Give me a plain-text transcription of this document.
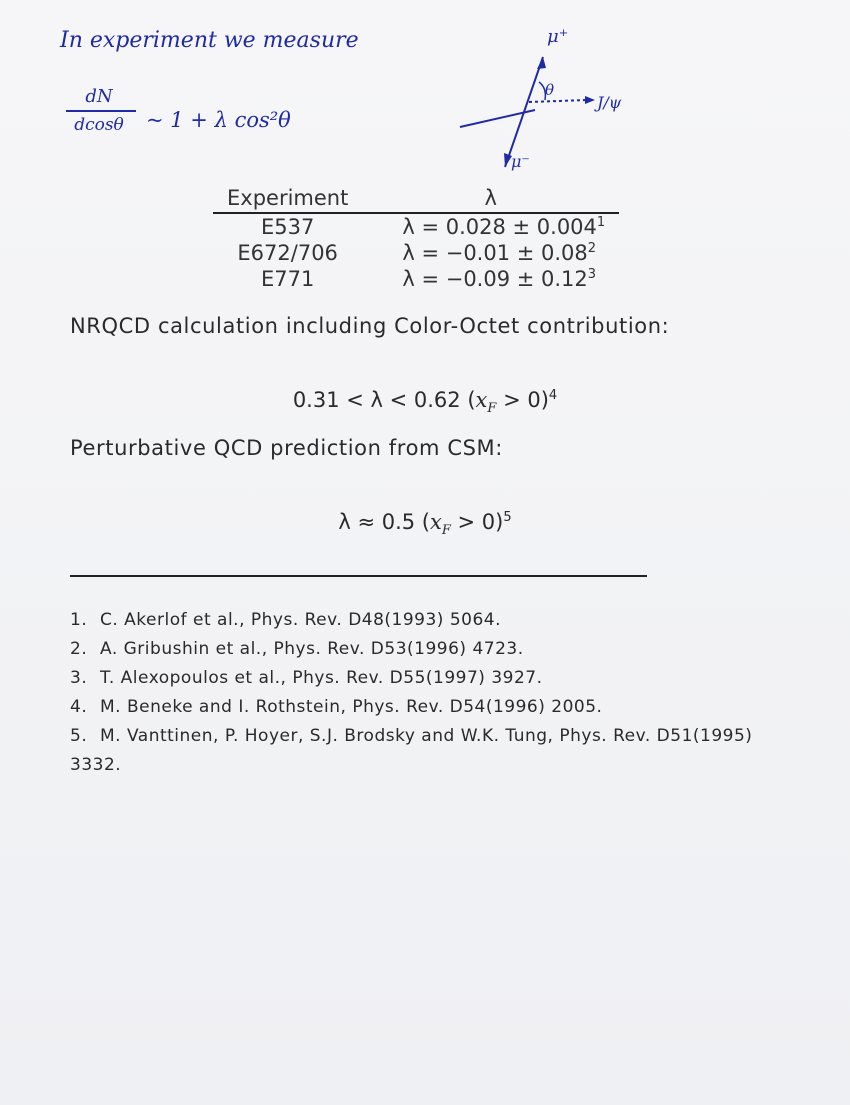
In experiment we measure
dN
dcosθ	~ 1 + λ cos²θ
μ⁺
θ
J/ψ
μ⁻
Experiment	λ
E537	$\lambda = 0.028 \pm 0.004^1$
E672/706	$\lambda = -0.01 \pm 0.08^2$
E771	$\lambda = -0.09 \pm 0.12^3$
NRQCD calculation including Color-Octet contribution:
0.31 < λ < 0.62 $(x_F > 0)^4$
Perturbative QCD prediction from CSM:
λ ≈ 0.5 $(x_F > 0)^5$
1. C. Akerlof et al., Phys. Rev. D48(1993) 5064.
2. A. Gribushin et al., Phys. Rev. D53(1996) 4723.
3. T. Alexopoulos et al., Phys. Rev. D55(1997) 3927.
4. M. Beneke and I. Rothstein, Phys. Rev. D54(1996) 2005.
5. M. Vanttinen, P. Hoyer, S.J. Brodsky and W.K. Tung, Phys. Rev. D51(1995) 3332.
